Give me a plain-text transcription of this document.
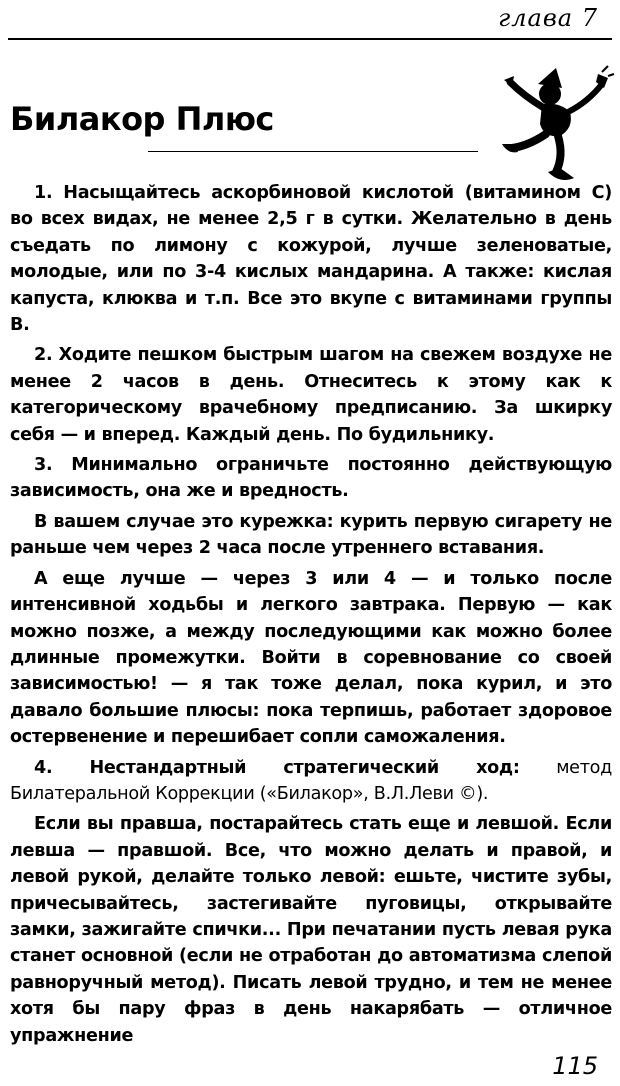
глава 7
Билакор Плюс

1. Насыщайтесь аскорбиновой кислотой (витамином С) во всех видах, не менее 2,5 г в сутки. Желательно в день съедать по лимону с кожурой, лучше зеленоватые, молодые, или по 3-4 кислых мандарина. А также: кислая капуста, клюква и т.п. Все это вкупе с витаминами группы В.

2. Ходите пешком быстрым шагом на свежем воздухе не менее 2 часов в день. Отнеситесь к этому как к категорическому врачебному предписанию. За шкирку себя — и вперед. Каждый день. По будильнику.

3. Минимально ограничьте постоянно действующую зависимость, она же и вредность.

В вашем случае это курежка: курить первую сигарету не раньше чем через 2 часа после утреннего вставания.

А еще лучше — через 3 или 4 — и только после интенсивной ходьбы и легкого завтрака. Первую — как можно позже, а между последующими как можно более длинные промежутки. Войти в соревнование со своей зависимостью! — я так тоже делал, пока курил, и это давало большие плюсы: пока терпишь, работает здоровое остервенение и перешибает сопли саможаления.

4. Нестандартный стратегический ход: метод Билатеральной Коррекции («Билакор», В.Л.Леви ©).

Если вы правша, постарайтесь стать еще и левшой. Если левша — правшой. Все, что можно делать и правой, и левой рукой, делайте только левой: ешьте, чистите зубы, причесывайтесь, застегивайте пуговицы, открывайте замки, зажигайте спички... При печатании пусть левая рука станет основной (если не отработан до автоматизма слепой равноручный метод). Писать левой трудно, и тем не менее хотя бы пару фраз в день накарябать — отличное упражнение

115
